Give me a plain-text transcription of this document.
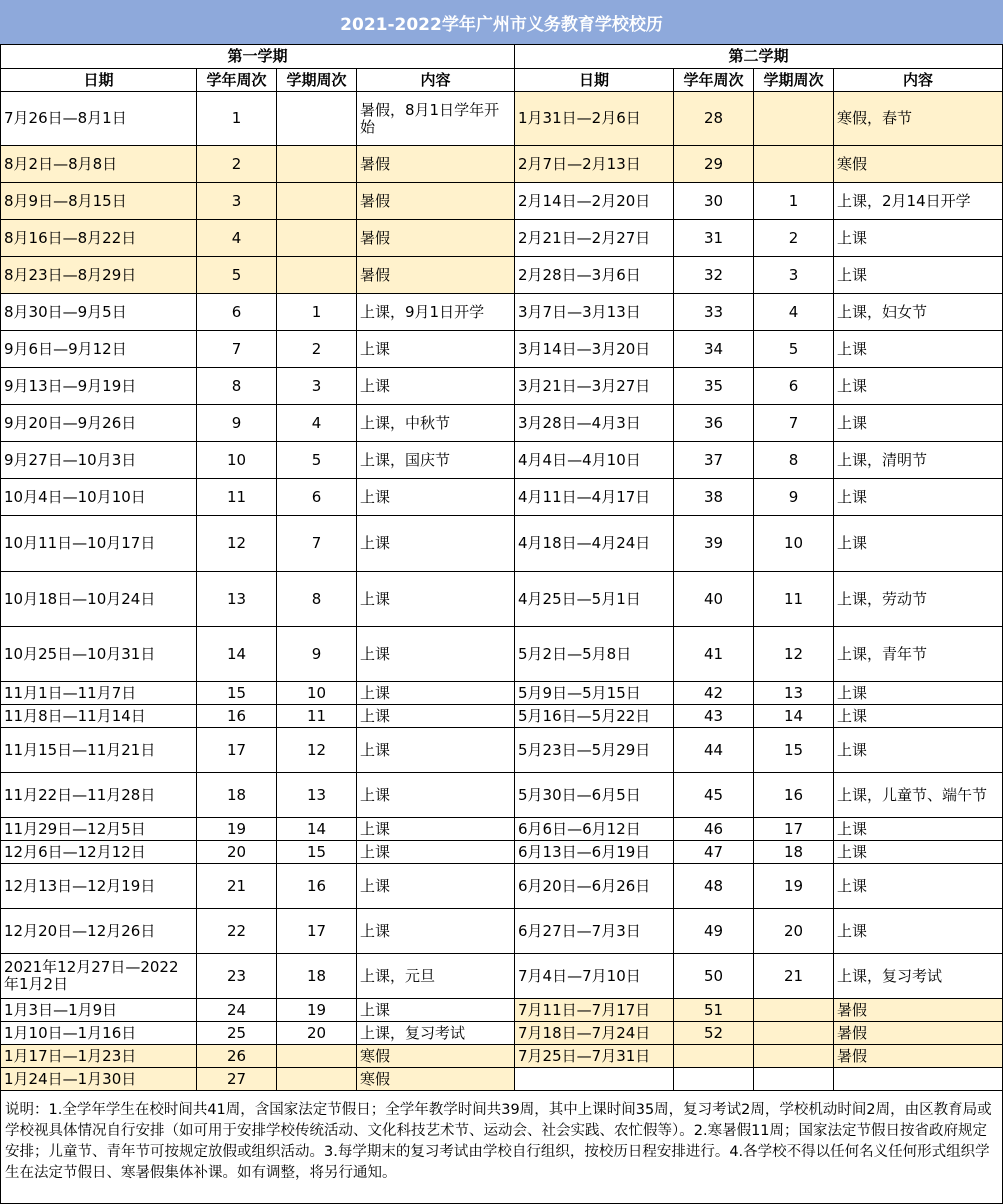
2021-2022学年广州市义务教育学校校历
第一学期				第二学期			
日期	学年周次	学期周次	内容	日期	学年周次	学期周次	内容
7月26日—8月1日	1		暑假，8月1日学年开始	1月31日—2月6日	28		寒假，春节
8月2日—8月8日	2		暑假	2月7日—2月13日	29		寒假
8月9日—8月15日	3		暑假	2月14日—2月20日	30	1	上课，2月14日开学
8月16日—8月22日	4		暑假	2月21日—2月27日	31	2	上课
8月23日—8月29日	5		暑假	2月28日—3月6日	32	3	上课
8月30日—9月5日	6	1	上课，9月1日开学	3月7日—3月13日	33	4	上课，妇女节
9月6日—9月12日	7	2	上课	3月14日—3月20日	34	5	上课
9月13日—9月19日	8	3	上课	3月21日—3月27日	35	6	上课
9月20日—9月26日	9	4	上课，中秋节	3月28日—4月3日	36	7	上课
9月27日—10月3日	10	5	上课，国庆节	4月4日—4月10日	37	8	上课，清明节
10月4日—10月10日	11	6	上课	4月11日—4月17日	38	9	上课
10月11日—10月17日	12	7	上课	4月18日—4月24日	39	10	上课
10月18日—10月24日	13	8	上课	4月25日—5月1日	40	11	上课，劳动节
10月25日—10月31日	14	9	上课	5月2日—5月8日	41	12	上课，青年节
11月1日—11月7日	15	10	上课	5月9日—5月15日	42	13	上课
11月8日—11月14日	16	11	上课	5月16日—5月22日	43	14	上课
11月15日—11月21日	17	12	上课	5月23日—5月29日	44	15	上课
11月22日—11月28日	18	13	上课	5月30日—6月5日	45	16	上课，儿童节、端午节
11月29日—12月5日	19	14	上课	6月6日—6月12日	46	17	上课
12月6日—12月12日	20	15	上课	6月13日—6月19日	47	18	上课
12月13日—12月19日	21	16	上课	6月20日—6月26日	48	19	上课
12月20日—12月26日	22	17	上课	6月27日—7月3日	49	20	上课
2021年12月27日—2022年1月2日	23	18	上课，元旦	7月4日—7月10日	50	21	上课，复习考试
1月3日—1月9日	24	19	上课	7月11日—7月17日	51		暑假
1月10日—1月16日	25	20	上课，复习考试	7月18日—7月24日	52		暑假
1月17日—1月23日	26		寒假	7月25日—7月31日			暑假
1月24日—1月30日	27		寒假				
说明：1.全学年学生在校时间共41周，含国家法定节假日；全学年教学时间共39周，其中上课时间35周，复习考试2周，学校机动时间2周，由区教育局或学校视具体情况自行安排（如可用于安排学校传统活动、文化科技艺术节、运动会、社会实践、农忙假等）。2.寒暑假11周；国家法定节假日按省政府规定安排；儿童节、青年节可按规定放假或组织活动。3.每学期末的复习考试由学校自行组织，按校历日程安排进行。4.各学校不得以任何名义任何形式组织学生在法定节假日、寒暑假集体补课。如有调整，将另行通知。
